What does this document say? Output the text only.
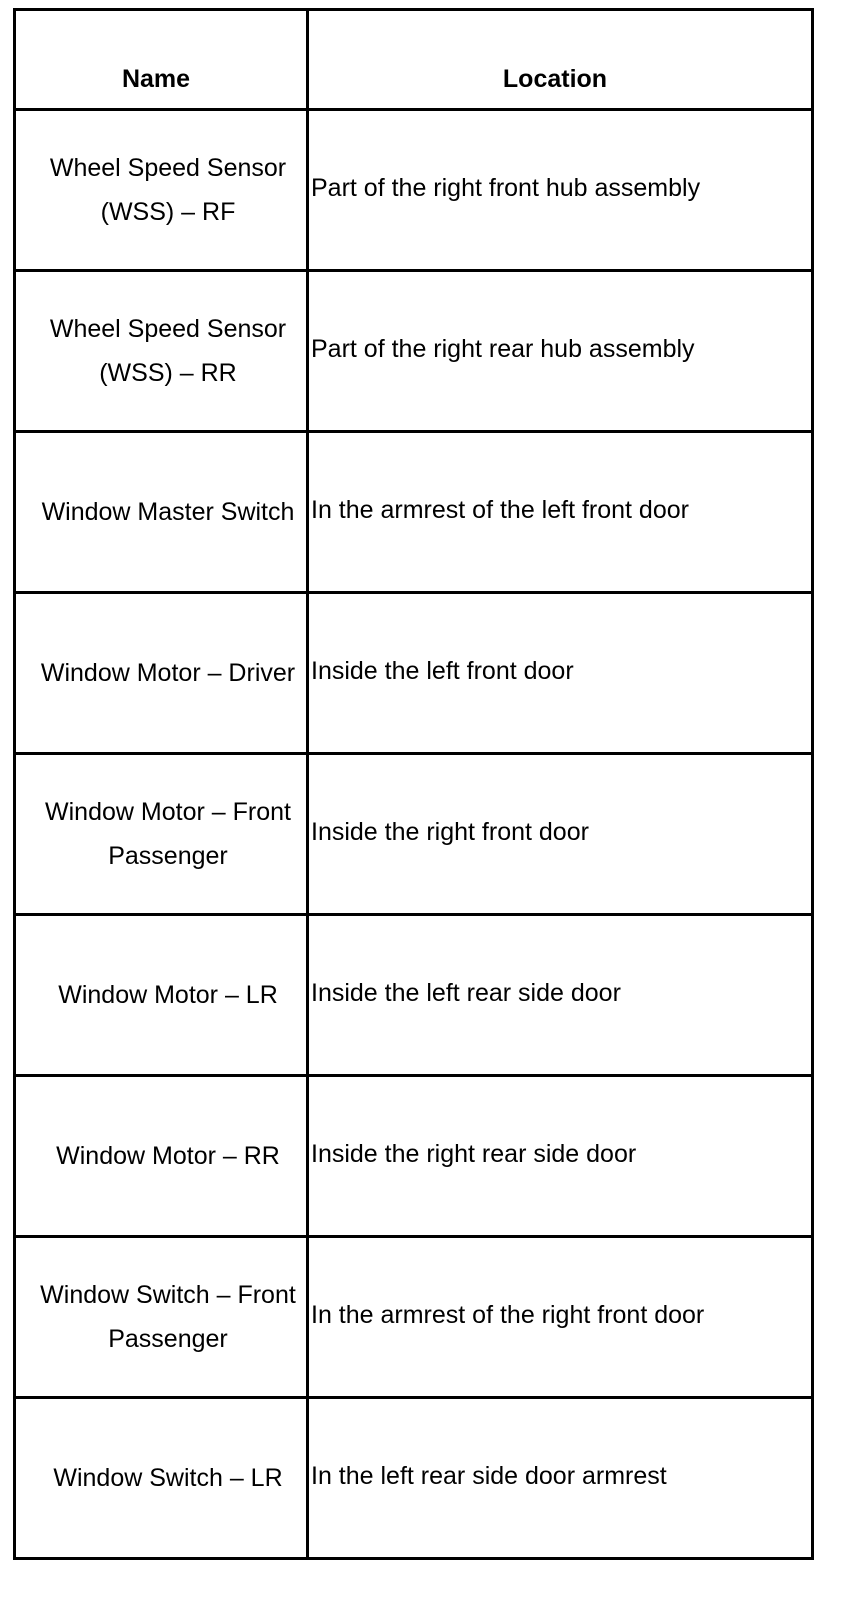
Name	Location
Wheel Speed Sensor
(WSS) – RF	Part of the right front hub assembly
Wheel Speed Sensor
(WSS) – RR	Part of the right rear hub assembly
Window Master Switch	In the armrest of the left front door
Window Motor – Driver	Inside the left front door
Window Motor – Front
Passenger	Inside the right front door
Window Motor – LR	Inside the left rear side door
Window Motor – RR	Inside the right rear side door
Window Switch – Front
Passenger	In the armrest of the right front door
Window Switch – LR	In the left rear side door armrest
